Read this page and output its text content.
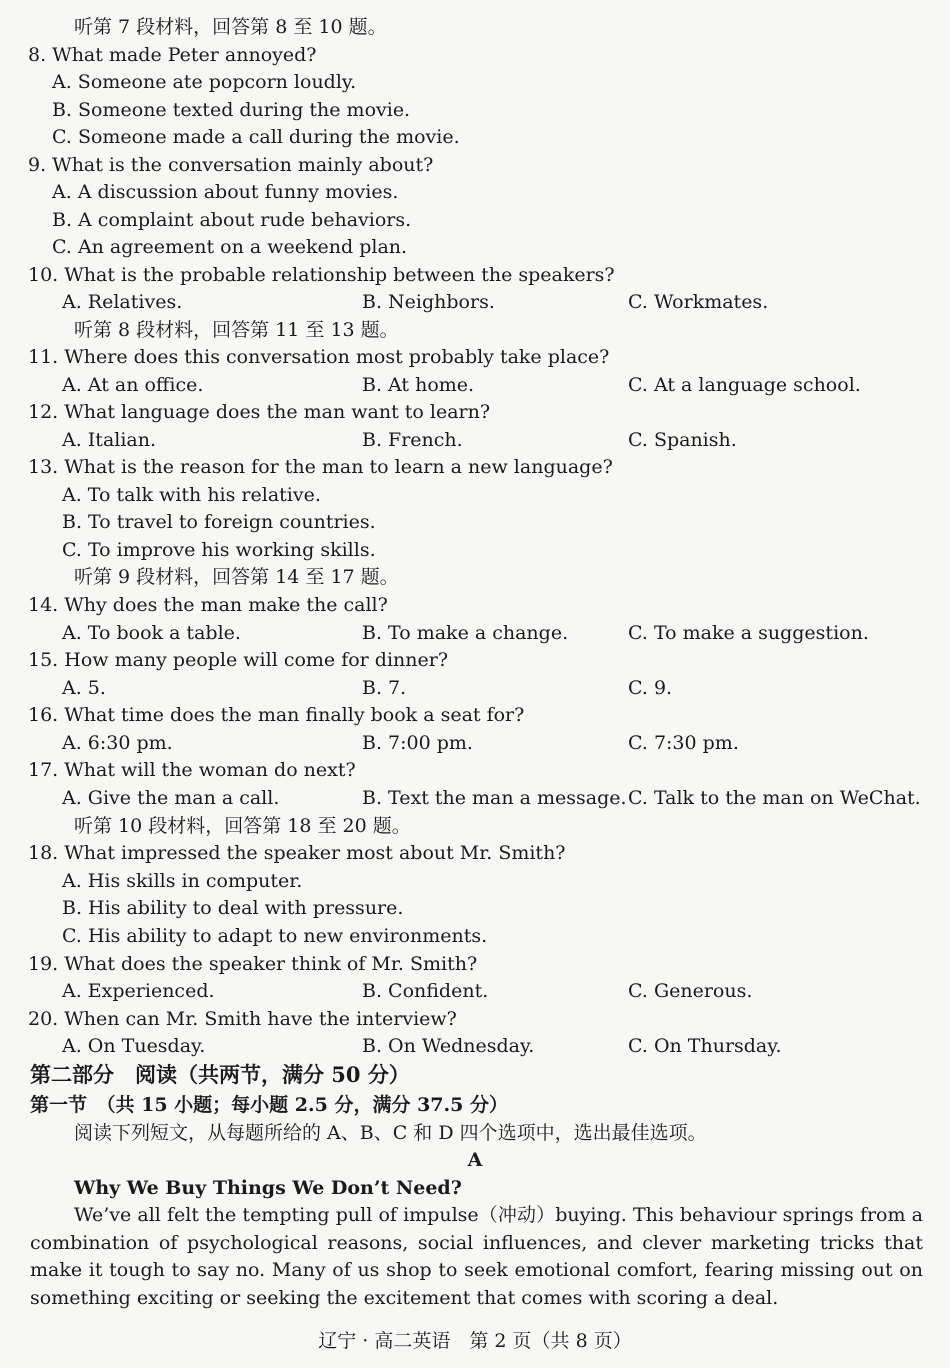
听第 7 段材料，回答第 8 至 10 题。
8. What made Peter annoyed?
A. Someone ate popcorn loudly.
B. Someone texted during the movie.
C. Someone made a call during the movie.
9. What is the conversation mainly about?
A. A discussion about funny movies.
B. A complaint about rude behaviors.
C. An agreement on a weekend plan.
10. What is the probable relationship between the speakers?
A. Relatives.	B. Neighbors.	C. Workmates.
听第 8 段材料，回答第 11 至 13 题。
11. Where does this conversation most probably take place?
A. At an office.	B. At home.	C. At a language school.
12. What language does the man want to learn?
A. Italian.	B. French.	C. Spanish.
13. What is the reason for the man to learn a new language?
A. To talk with his relative.
B. To travel to foreign countries.
C. To improve his working skills.
听第 9 段材料，回答第 14 至 17 题。
14. Why does the man make the call?
A. To book a table.	B. To make a change.	C. To make a suggestion.
15. How many people will come for dinner?
A. 5.	B. 7.	C. 9.
16. What time does the man finally book a seat for?
A. 6:30 pm.	B. 7:00 pm.	C. 7:30 pm.
17. What will the woman do next?
A. Give the man a call.	B. Text the man a message. C. Talk to the man on WeChat.
听第 10 段材料，回答第 18 至 20 题。
18. What impressed the speaker most about Mr. Smith?
A. His skills in computer.
B. His ability to deal with pressure.
C. His ability to adapt to new environments.
19. What does the speaker think of Mr. Smith?
A. Experienced.	B. Confident.	C. Generous.
20. When can Mr. Smith have the interview?
A. On Tuesday.	B. On Wednesday.	C. On Thursday.
第二部分　阅读（共两节，满分 50 分）
第一节　（共 15 小题；每小题 2.5 分，满分 37.5 分）
阅读下列短文，从每题所给的 A、B、C 和 D 四个选项中，选出最佳选项。
A
Why We Buy Things We Don’t Need?

We’ve all felt the tempting pull of impulse（冲动）buying. This behaviour springs from a combination of psychological reasons, social influences, and clever marketing tricks that make it tough to say no. Many of us shop to seek emotional comfort, fearing missing out on something exciting or seeking the excitement that comes with scoring a deal.

辽宁 · 高二英语　第 2 页（共 8 页）
